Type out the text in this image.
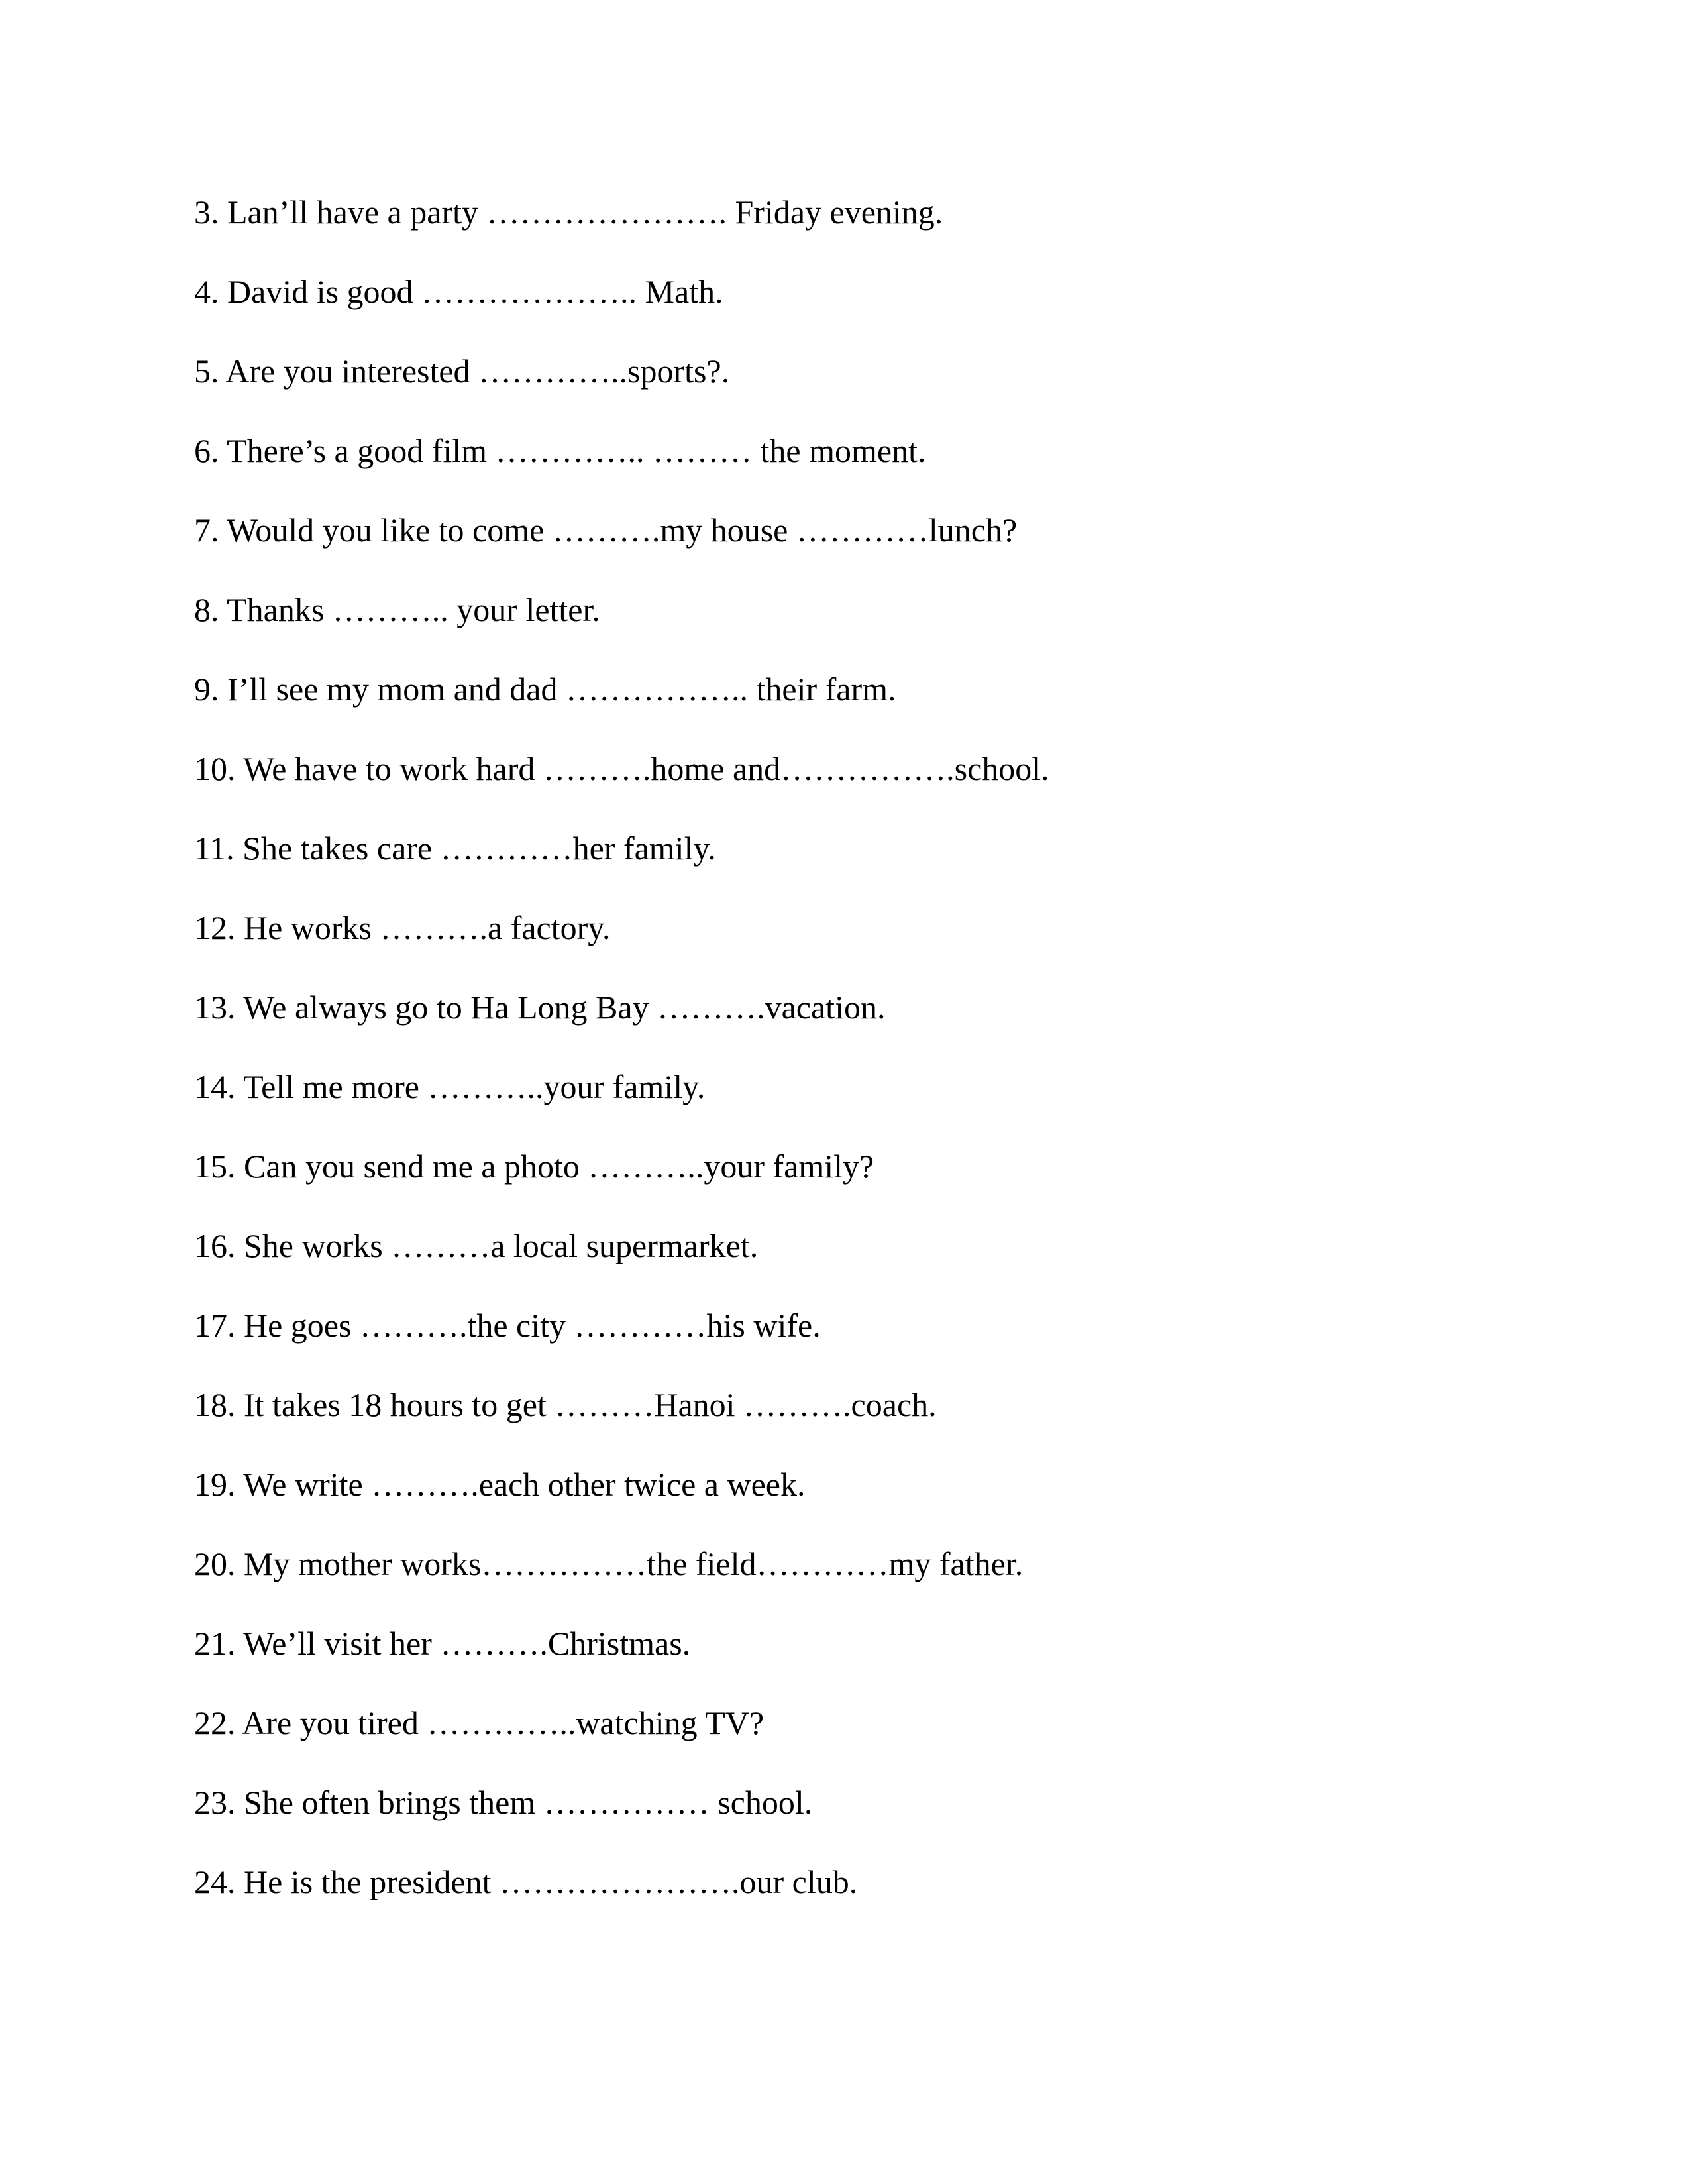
3. Lan’ll have a party …………………. Friday evening.
4. David is good ……………….. Math.
5. Are you interested …………..sports?.
6. There’s a good film ………….. ……… the moment.
7. Would you like to come ……….my house …………lunch?
8. Thanks ……….. your letter.
9. I’ll see my mom and dad …………….. their farm.
10. We have to work hard ……….home and…………….school.
11. She takes care …………her family.
12. He works ……….a factory.
13. We always go to Ha Long Bay ……….vacation.
14. Tell me more ………..your family.
15. Can you send me a photo ………..your family?
16. She works ………a local supermarket.
17. He goes ……….the city …………his wife.
18. It takes 18 hours to get ………Hanoi ……….coach.
19. We write ……….each other twice a week.
20. My mother works……………the field…………my father.
21. We’ll visit her ……….Christmas.
22. Are you tired …………..watching TV?
23. She often brings them …………… school.
24. He is the president ………………….our club.
